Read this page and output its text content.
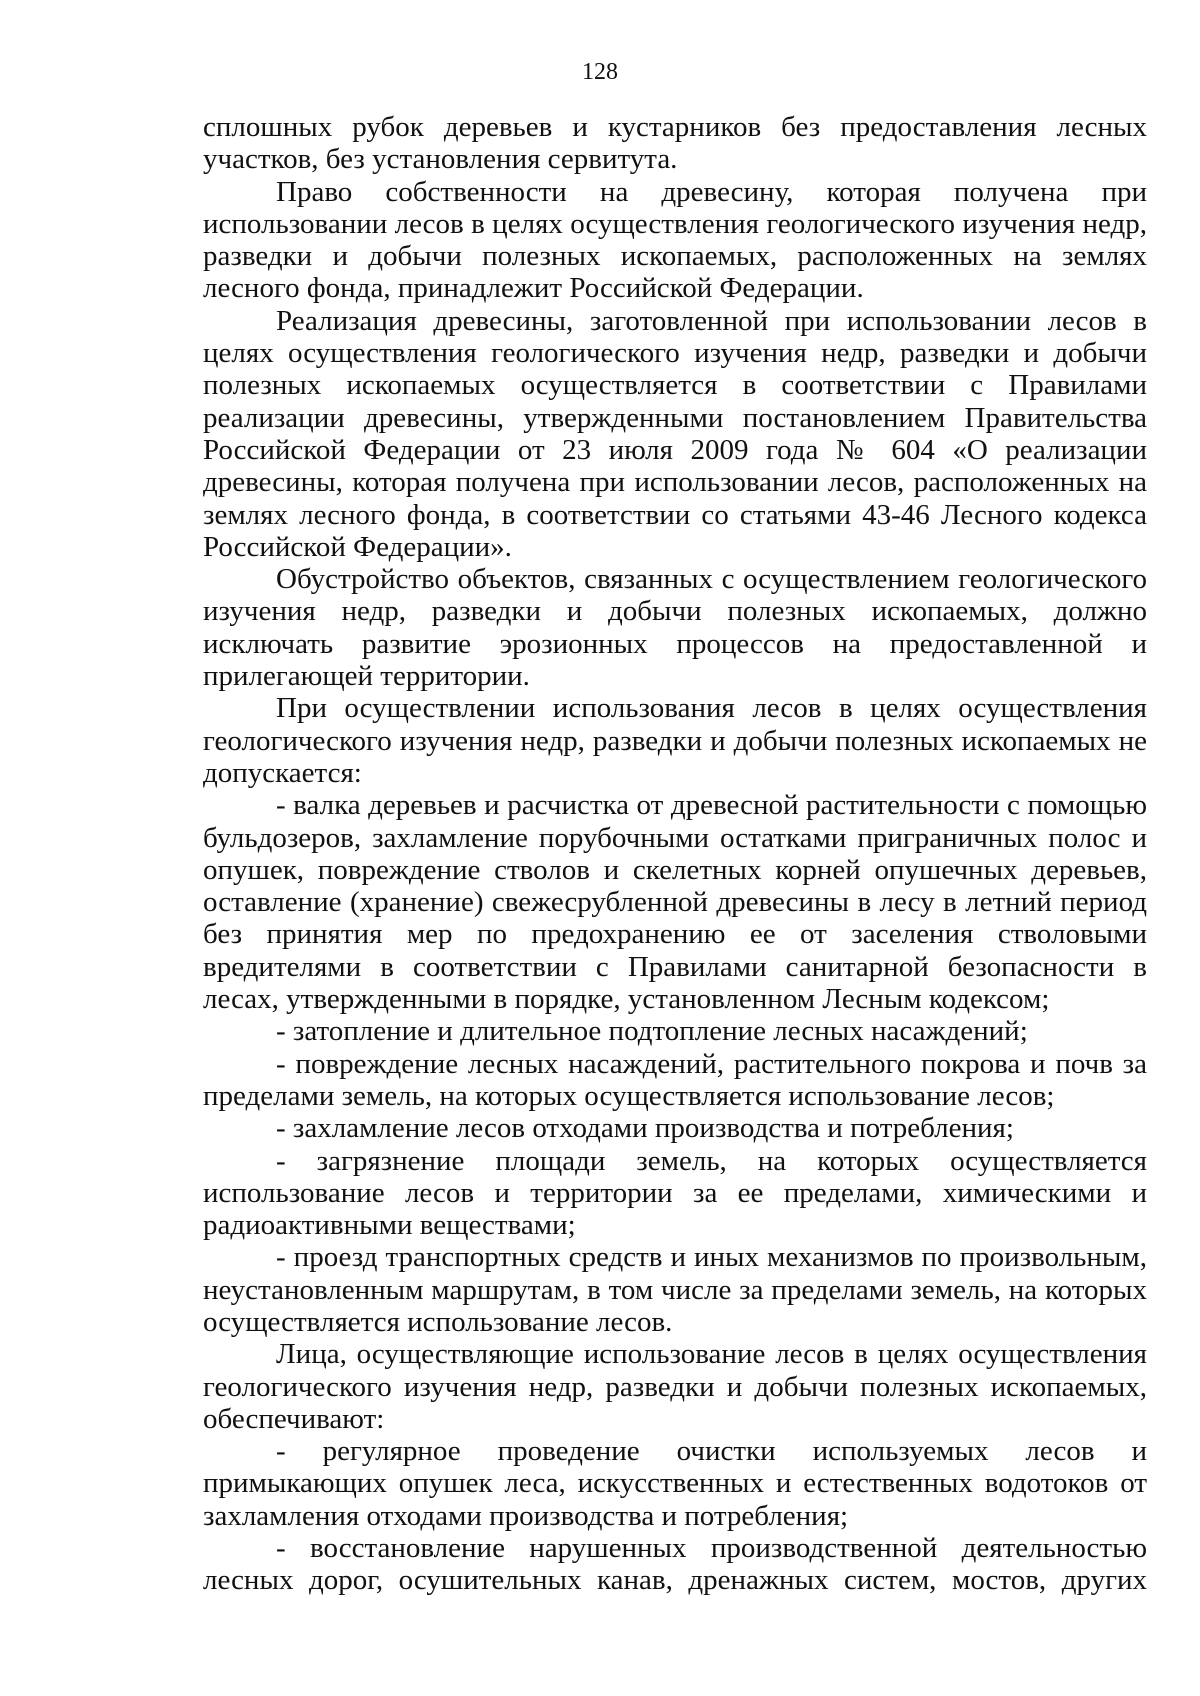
128

сплошных рубок деревьев и кустарников без предоставления лесных участков, без установления сервитута.

Право собственности на древесину, которая получена при использовании лесов в целях осуществления геологического изучения недр, разведки и добычи полезных ископаемых, расположенных на землях лесного фонда, принадлежит Российской Федерации.

Реализация древесины, заготовленной при использовании лесов в целях осуществления геологического изучения недр, разведки и добычи полезных ископаемых осуществляется в соответствии с Правилами реализации древесины, утвержденными постановлением Правительства Российской Федерации от 23 июля 2009 года № 604 «О реализации древесины, которая получена при использовании лесов, расположенных на землях лесного фонда, в соответствии со статьями 43-46 Лесного кодекса Российской Федерации».

Обустройство объектов, связанных с осуществлением геологического изучения недр, разведки и добычи полезных ископаемых, должно исключать развитие эрозионных процессов на предоставленной и прилегающей территории.

При осуществлении использования лесов в целях осуществления геологического изучения недр, разведки и добычи полезных ископаемых не допускается:

- валка деревьев и расчистка от древесной растительности с помощью бульдозеров, захламление порубочными остатками приграничных полос и опушек, повреждение стволов и скелетных корней опушечных деревьев, оставление (хранение) свежесрубленной древесины в лесу в летний период без принятия мер по предохранению ее от заселения стволовыми вредителями в соответствии с Правилами санитарной безопасности в лесах, утвержденными в порядке, установленном Лесным кодексом;

- затопление и длительное подтопление лесных насаждений;

- повреждение лесных насаждений, растительного покрова и почв за пределами земель, на которых осуществляется использование лесов;

- захламление лесов отходами производства и потребления;

- загрязнение площади земель, на которых осуществляется использование лесов и территории за ее пределами, химическими и радиоактивными веществами;

- проезд транспортных средств и иных механизмов по произвольным, неустановленным маршрутам, в том числе за пределами земель, на которых осуществляется использование лесов.

Лица, осуществляющие использование лесов в целях осуществления геологического изучения недр, разведки и добычи полезных ископаемых, обеспечивают:

- регулярное проведение очистки используемых лесов и примыкающих опушек леса, искусственных и естественных водотоков от захламления отходами производства и потребления;

- восстановление нарушенных производственной деятельностью лесных дорог, осушительных канав, дренажных систем, мостов, других
